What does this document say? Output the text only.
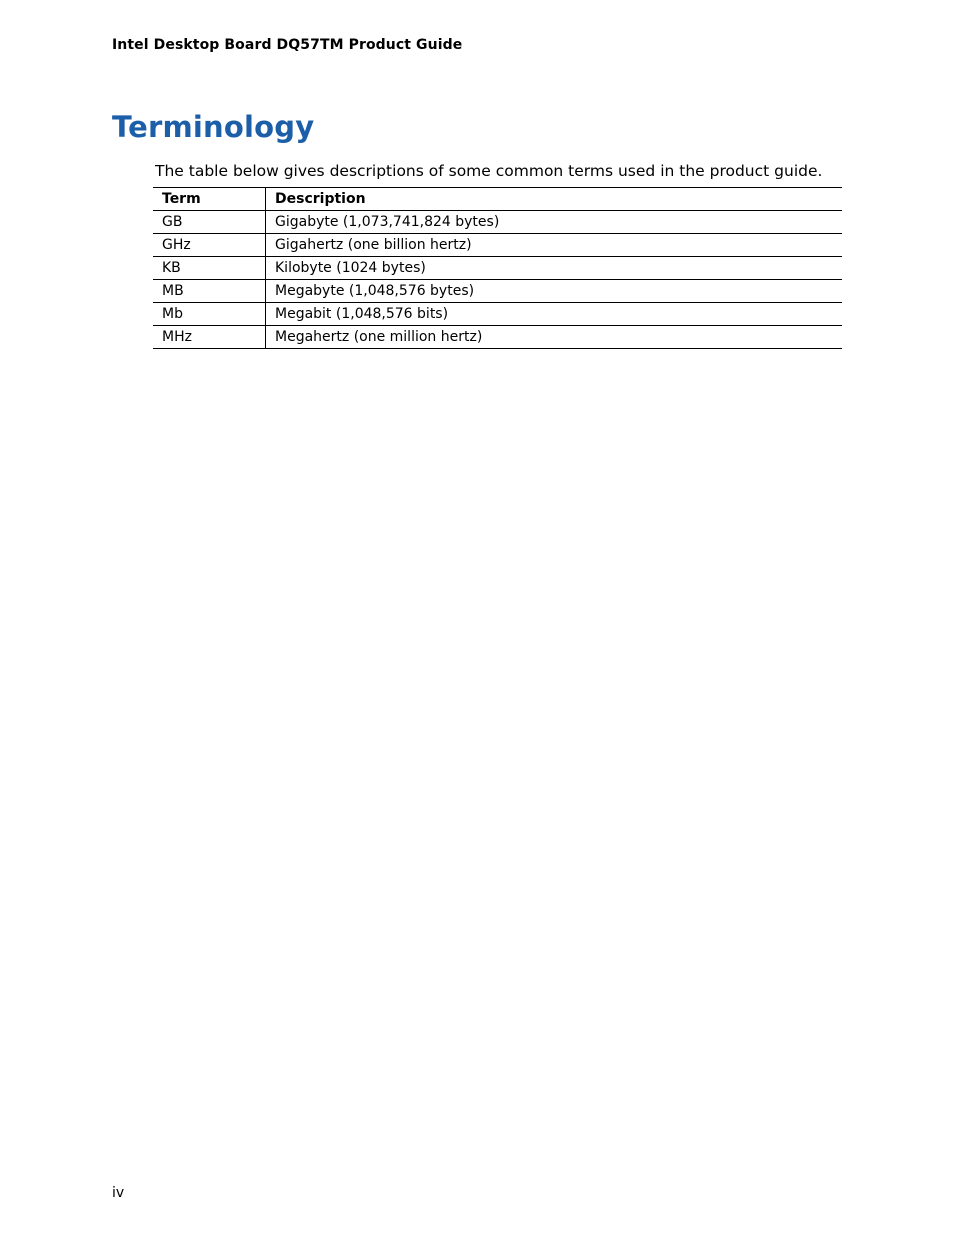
Intel Desktop Board DQ57TM Product Guide
Terminology

The table below gives descriptions of some common terms used in the product guide.

Term	Description
GB	Gigabyte (1,073,741,824 bytes)
GHz	Gigahertz (one billion hertz)
KB	Kilobyte (1024 bytes)
MB	Megabyte (1,048,576 bytes)
Mb	Megabit (1,048,576 bits)
MHz	Megahertz (one million hertz)
iv
